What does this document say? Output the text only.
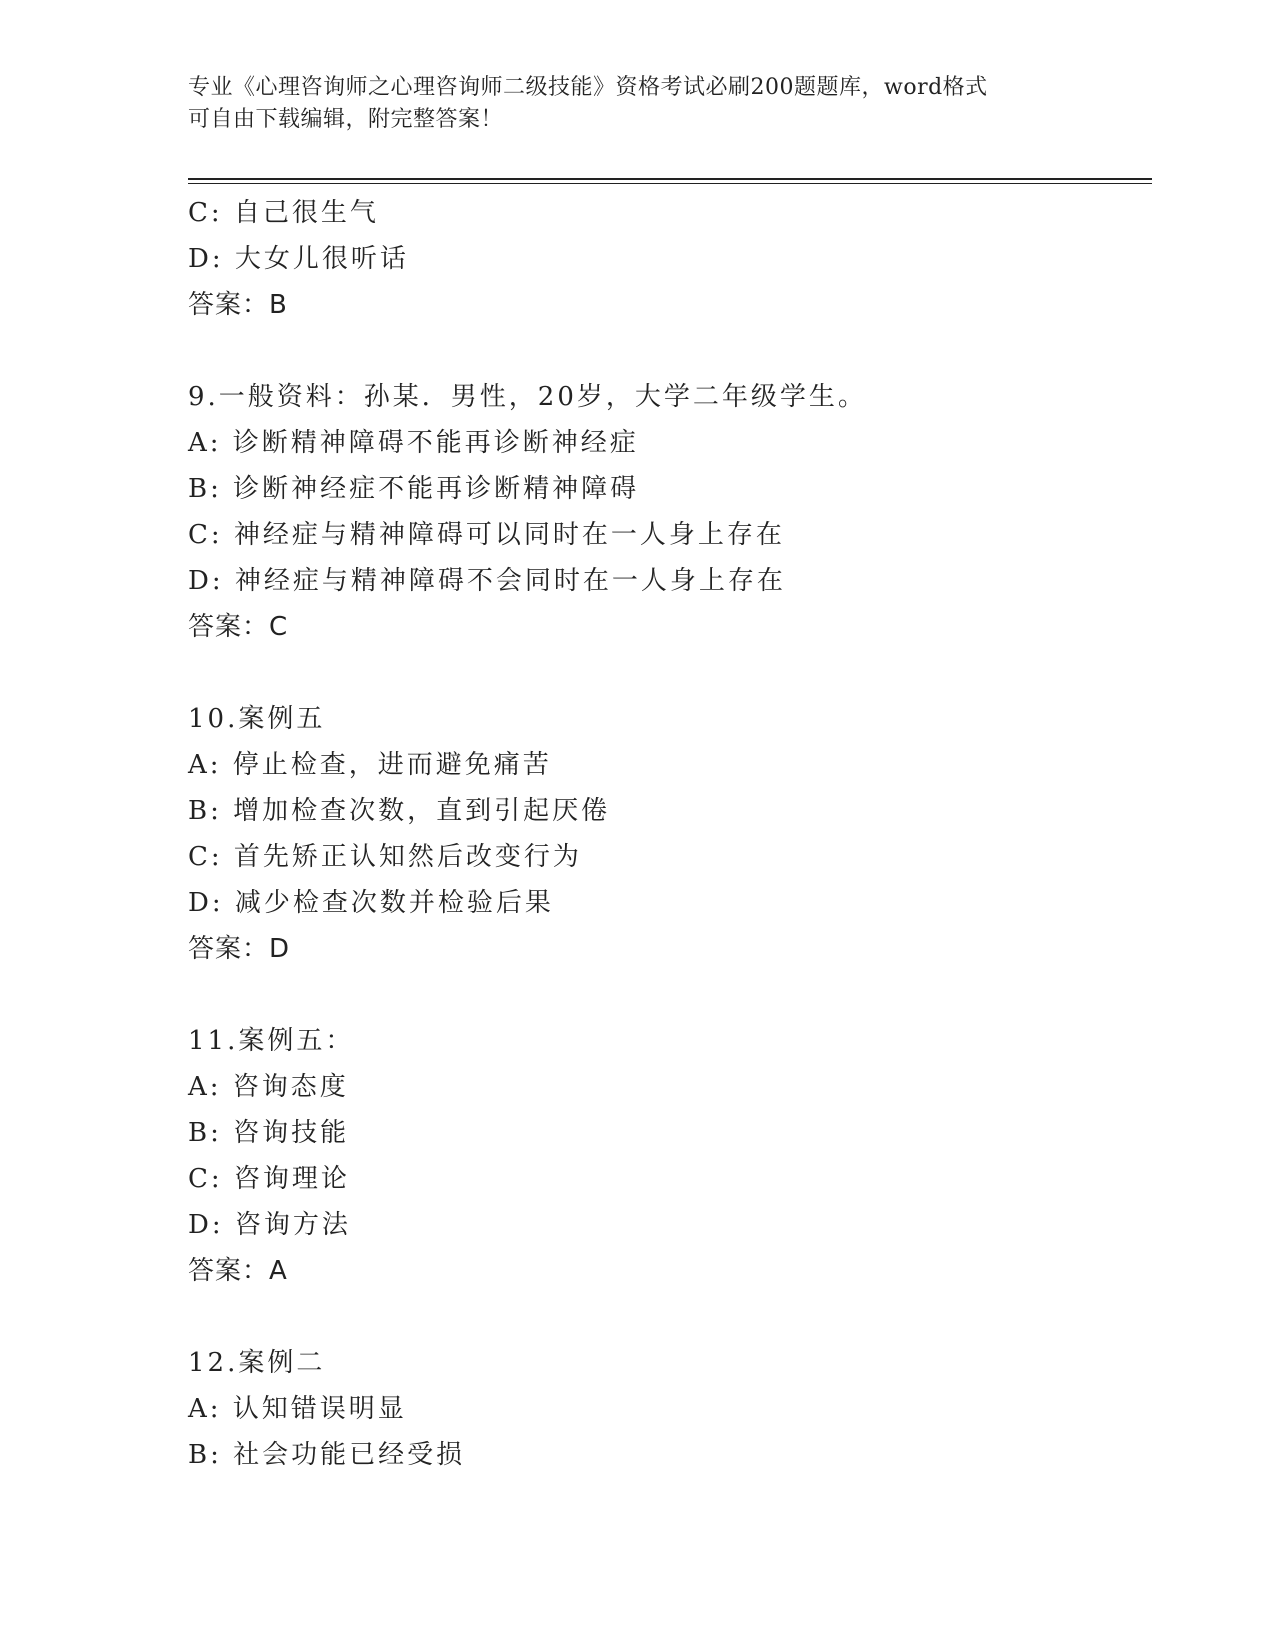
专业《心理咨询师之心理咨询师二级技能》资格考试必刷200题题库，word格式
可自由下载编辑，附完整答案！
C: 自己很生气
D: 大女儿很听话
答案：B
9.一般资料：孙某．男性，20岁，大学二年级学生。
A: 诊断精神障碍不能再诊断神经症
B: 诊断神经症不能再诊断精神障碍
C: 神经症与精神障碍可以同时在一人身上存在
D: 神经症与精神障碍不会同时在一人身上存在
答案：C
10.案例五
A: 停止检查，进而避免痛苦
B: 增加检查次数，直到引起厌倦
C: 首先矫正认知然后改变行为
D: 减少检查次数并检验后果
答案：D
11.案例五：
A: 咨询态度
B: 咨询技能
C: 咨询理论
D: 咨询方法
答案：A
12.案例二
A: 认知错误明显
B: 社会功能已经受损
